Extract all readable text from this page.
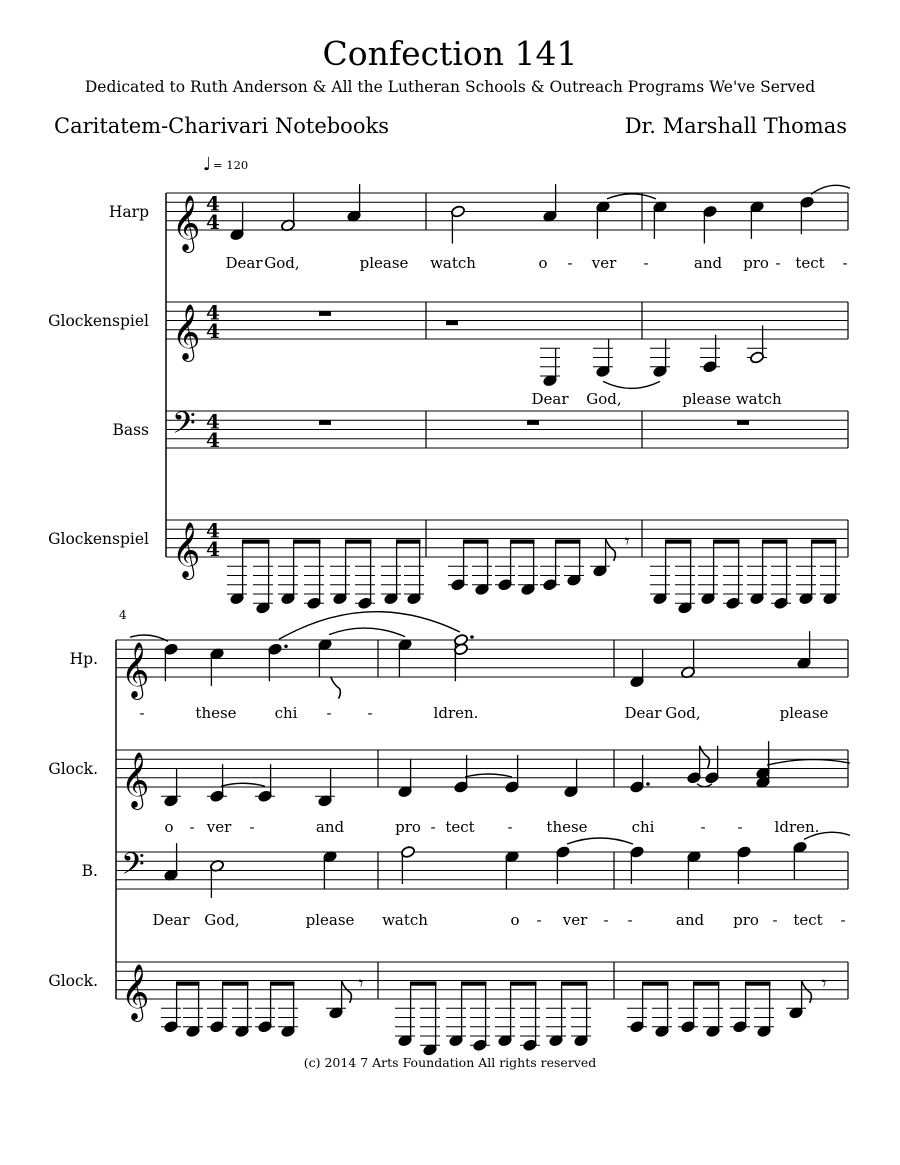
Confection 141
Dedicated to Ruth Anderson & All the Lutheran Schools & Outreach Programs We've Served
Caritatem-Charivari Notebooks	Dr. Marshall Thomas
Harp
Glockenspiel
Bass
Glockenspiel
♩ = 120
𝄞 4
4
𝄞 4
4
𝄢 4
4
𝄞 4
4
Dear God,	please watch	o - ver -	and pro - tect -
Dear God,	please watch
𝄾
4
Hp. 𝄞
Glock. 𝄞
B. 𝄢
Glock. 𝄞
-	these	chi - -	ldren.	Dear God,	please
o - ver -	and	pro - tect - these	chi	- - ldren.
Dear God,	please watch	o - ver - -	and pro - tect -
𝄾	𝄾
(c) 2014 7 Arts Foundation All rights reserved
